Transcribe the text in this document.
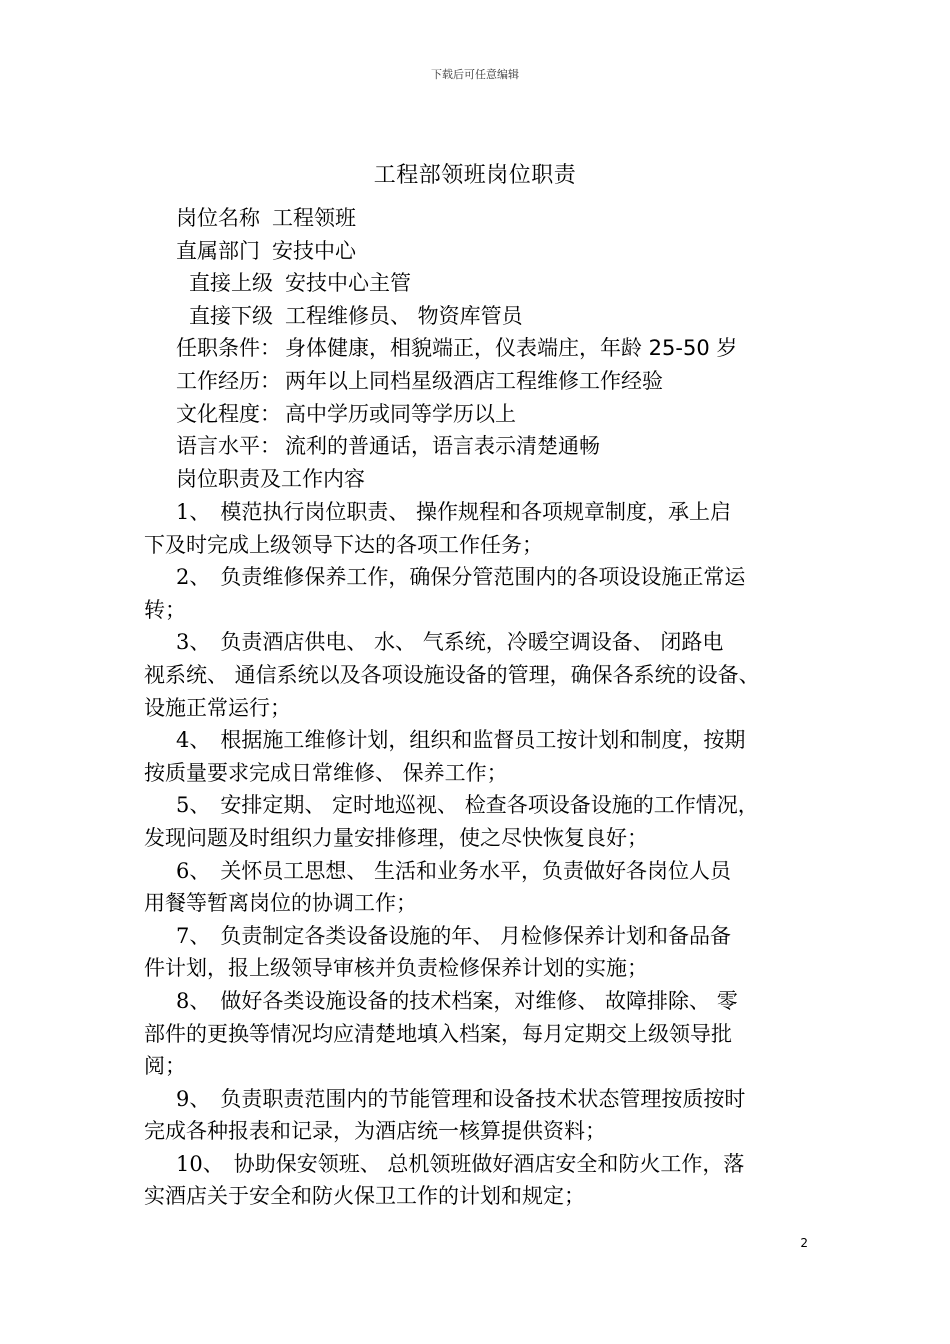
下载后可任意编辑
工程部领班岗位职责
岗位名称 工程领班
直属部门 安技中心
直接上级 安技中心主管
直接下级 工程维修员、 物资库管员
任职条件： 身体健康，相貌端正，仪表端庄，年龄 25-50 岁
工作经历： 两年以上同档星级酒店工程维修工作经验
文化程度： 高中学历或同等学历以上
语言水平： 流利的普通话，语言表示清楚通畅
岗位职责及工作内容

1、 模范执行岗位职责、 操作规程和各项规章制度，承上启
下及时完成上级领导下达的各项工作任务；

2、 负责维修保养工作，确保分管范围内的各项设设施正常运
转；

3、 负责酒店供电、 水、 气系统，冷暖空调设备、 闭路电
视系统、 通信系统以及各项设施设备的管理，确保各系统的设备、
设施正常运行；

4、 根据施工维修计划，组织和监督员工按计划和制度，按期
按质量要求完成日常维修、 保养工作；

5、 安排定期、 定时地巡视、 检查各项设备设施的工作情况，
发现问题及时组织力量安排修理，使之尽快恢复良好；

6、 关怀员工思想、 生活和业务水平，负责做好各岗位人员
用餐等暂离岗位的协调工作；

7、 负责制定各类设备设施的年、 月检修保养计划和备品备
件计划，报上级领导审核并负责检修保养计划的实施；

8、 做好各类设施设备的技术档案，对维修、 故障排除、 零
部件的更换等情况均应清楚地填入档案，每月定期交上级领导批
阅；

9、 负责职责范围内的节能管理和设备技术状态管理按质按时
完成各种报表和记录，为酒店统一核算提供资料；

10、 协助保安领班、 总机领班做好酒店安全和防火工作，落
实酒店关于安全和防火保卫工作的计划和规定；

2
